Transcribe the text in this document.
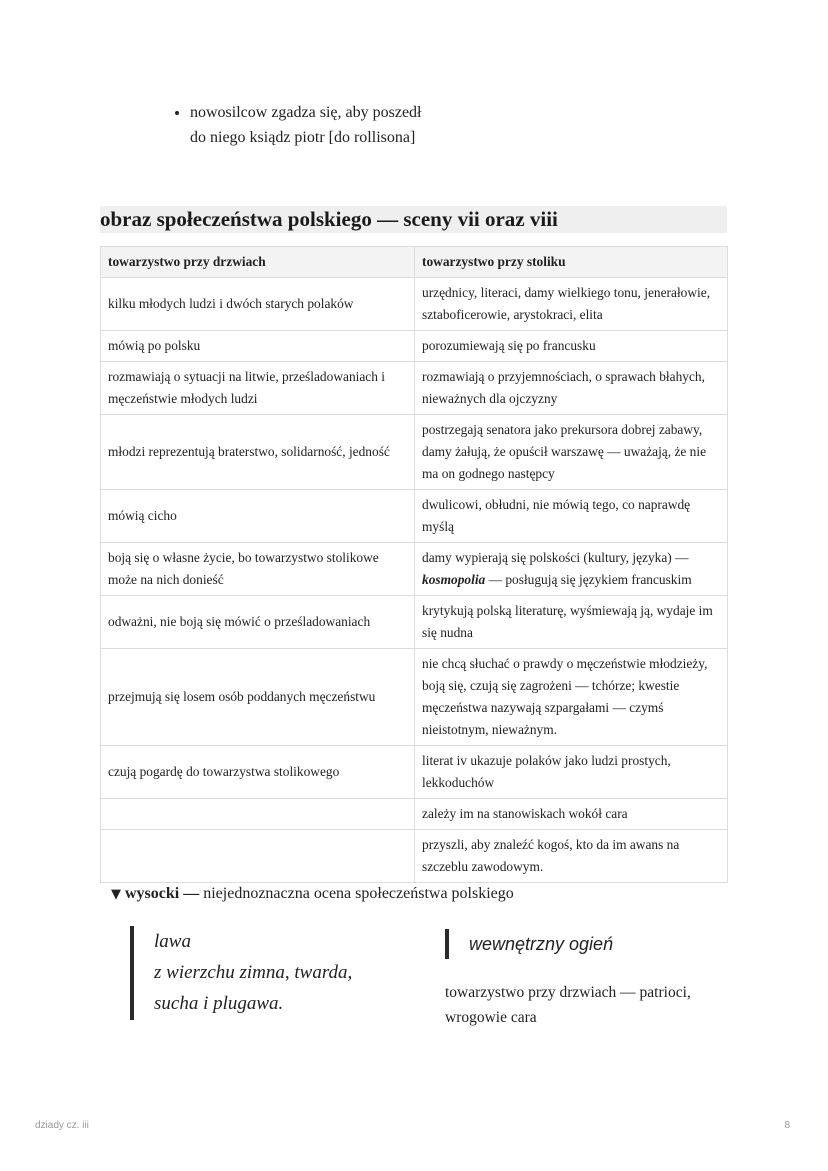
• nowosilcow zgadza się, aby poszedł do niego ksiądz piotr [do rollisona]
obraz społeczeństwa polskiego — sceny vii oraz viii
towarzystwo przy drzwiach	towarzystwo przy stoliku
kilku młodych ludzi i dwóch starych polaków	urzędnicy, literaci, damy wielkiego tonu, jenerałowie, sztaboficerowie, arystokraci, elita
mówią po polsku	porozumiewają się po francusku
rozmawiają o sytuacji na litwie, prześladowaniach i męczeństwie młodych ludzi	rozmawiają o przyjemnościach, o sprawach błahych, nieważnych dla ojczyzny
młodzi reprezentują braterstwo, solidarność, jedność	postrzegają senatora jako prekursora dobrej zabawy, damy żałują, że opuścił warszawę — uważają, że nie ma on godnego następcy
mówią cicho	dwulicowi, obłudni, nie mówią tego, co naprawdę myślą
boją się o własne życie, bo towarzystwo stolikowe może na nich donieść	damy wypierają się polskości (kultury, języka) —
kosmopolia — posługują się językiem francuskim
odważni, nie boją się mówić o prześladowaniach	krytykują polską literaturę, wyśmiewają ją, wydaje im się nudna
przejmują się losem osób poddanych męczeństwu	nie chcą słuchać o prawdy o męczeństwie młodzieży, boją się, czują się zagrożeni — tchórze; kwestie męczeństwa nazywają szpargałami — czymś nieistotnym, nieważnym.
czują pogardę do towarzystwa stolikowego	literat iv ukazuje polaków jako ludzi prostych, lekkoduchów
	zależy im na stanowiskach wokół cara
	przyszli, aby znaleźć kogoś, kto da im awans na szczeblu zawodowym.
▼ wysocki — niejednoznaczna ocena społeczeństwa polskiego
lawa
z wierzchu zimna, twarda,
sucha i plugawa.
wewnętrzny ogień
towarzystwo przy drzwiach — patrioci, wrogowie cara
dziady cz. iii	8
